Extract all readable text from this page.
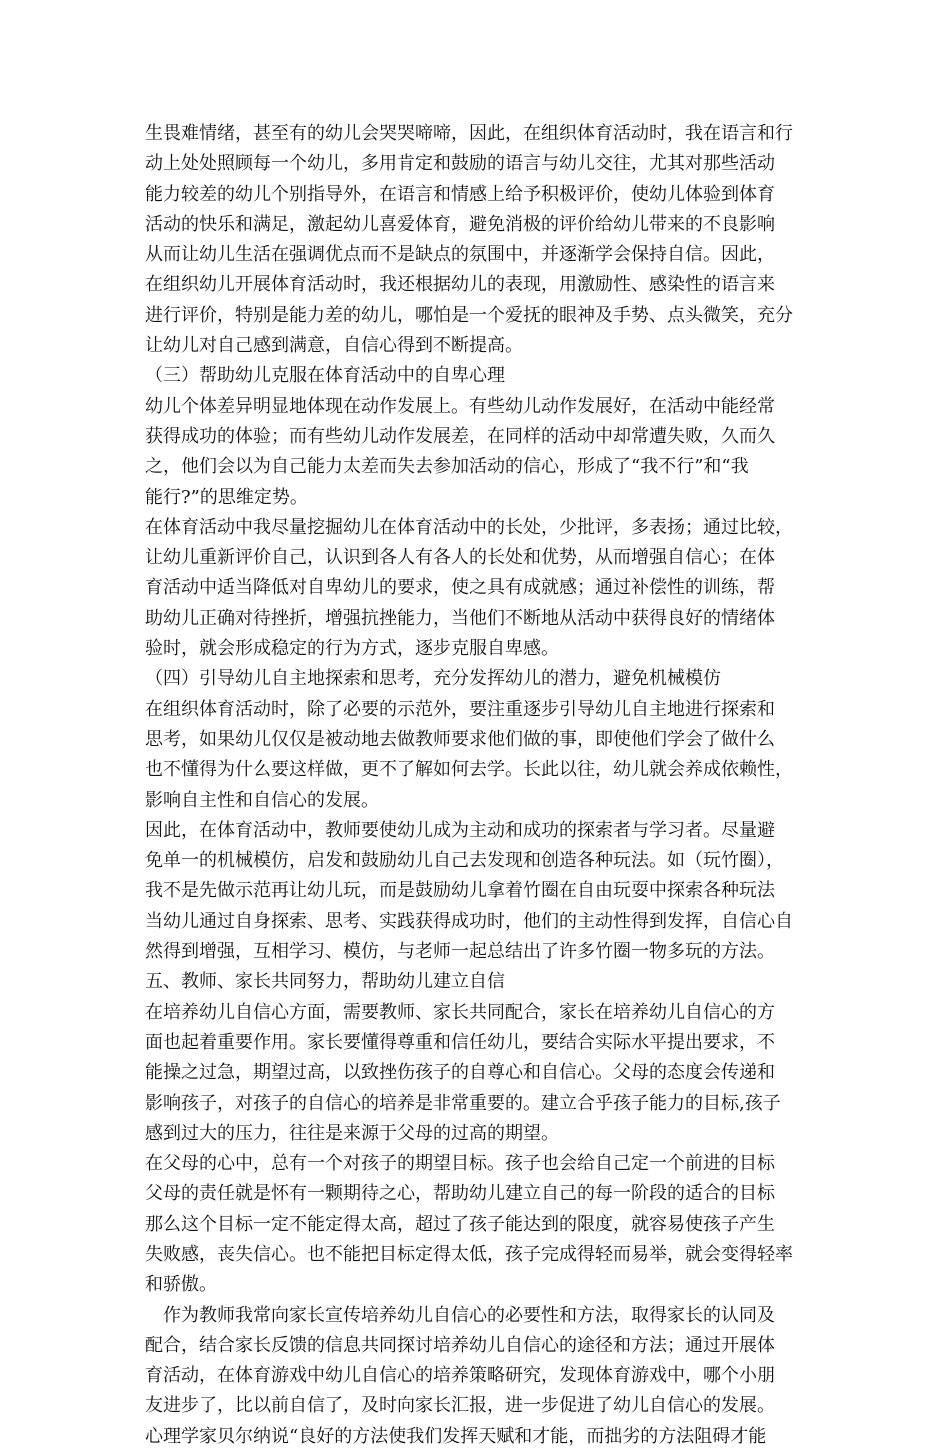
生畏难情绪，甚至有的幼儿会哭哭啼啼，因此，在组织体育活动时，我在语言和行
动上处处照顾每一个幼儿，多用肯定和鼓励的语言与幼儿交往，尤其对那些活动
能力较差的幼儿个别指导外，在语言和情感上给予积极评价，使幼儿体验到体育
活动的快乐和满足，激起幼儿喜爱体育，避免消极的评价给幼儿带来的不良影响
从而让幼儿生活在强调优点而不是缺点的氛围中，并逐渐学会保持自信。因此，
在组织幼儿开展体育活动时，我还根据幼儿的表现，用激励性、感染性的语言来
进行评价，特别是能力差的幼儿，哪怕是一个爱抚的眼神及手势、点头微笑，充分
让幼儿对自己感到满意，自信心得到不断提高。
（三）帮助幼儿克服在体育活动中的自卑心理
幼儿个体差异明显地体现在动作发展上。有些幼儿动作发展好，在活动中能经常
获得成功的体验；而有些幼儿动作发展差，在同样的活动中却常遭失败，久而久
之，他们会以为自己能力太差而失去参加活动的信心，形成了“我不行”和“我
能行?”的思维定势。
在体育活动中我尽量挖掘幼儿在体育活动中的长处，少批评，多表扬；通过比较，
让幼儿重新评价自己，认识到各人有各人的长处和优势，从而增强自信心；在体
育活动中适当降低对自卑幼儿的要求，使之具有成就感；通过补偿性的训练，帮
助幼儿正确对待挫折，增强抗挫能力，当他们不断地从活动中获得良好的情绪体
验时，就会形成稳定的行为方式，逐步克服自卑感。
（四）引导幼儿自主地探索和思考，充分发挥幼儿的潜力，避免机械模仿
在组织体育活动时，除了必要的示范外，要注重逐步引导幼儿自主地进行探索和
思考，如果幼儿仅仅是被动地去做教师要求他们做的事，即使他们学会了做什么
也不懂得为什么要这样做，更不了解如何去学。长此以往，幼儿就会养成依赖性，
影响自主性和自信心的发展。
因此，在体育活动中，教师要使幼儿成为主动和成功的探索者与学习者。尽量避
免单一的机械模仿，启发和鼓励幼儿自己去发现和创造各种玩法。如（玩竹圈），
我不是先做示范再让幼儿玩，而是鼓励幼儿拿着竹圈在自由玩耍中探索各种玩法
当幼儿通过自身探索、思考、实践获得成功时，他们的主动性得到发挥，自信心自
然得到增强，互相学习、模仿，与老师一起总结出了许多竹圈一物多玩的方法。
五、教师、家长共同努力，帮助幼儿建立自信
在培养幼儿自信心方面，需要教师、家长共同配合，家长在培养幼儿自信心的方
面也起着重要作用。家长要懂得尊重和信任幼儿，要结合实际水平提出要求，不
能操之过急，期望过高，以致挫伤孩子的自尊心和自信心。父母的态度会传递和
影响孩子，对孩子的自信心的培养是非常重要的。建立合乎孩子能力的目标,孩子
感到过大的压力，往往是来源于父母的过高的期望。
在父母的心中，总有一个对孩子的期望目标。孩子也会给自己定一个前进的目标
父母的责任就是怀有一颗期待之心，帮助幼儿建立自己的每一阶段的适合的目标
那么这个目标一定不能定得太高，超过了孩子能达到的限度，就容易使孩子产生
失败感，丧失信心。也不能把目标定得太低，孩子完成得轻而易举，就会变得轻率
和骄傲。
作为教师我常向家长宣传培养幼儿自信心的必要性和方法，取得家长的认同及
配合，结合家长反馈的信息共同探讨培养幼儿自信心的途径和方法；通过开展体
育活动，在体育游戏中幼儿自信心的培养策略研究，发现体育游戏中，哪个小朋
友进步了，比以前自信了，及时向家长汇报，进一步促进了幼儿自信心的发展。
心理学家贝尔纳说“良好的方法使我们发挥天赋和才能，而拙劣的方法阻碍才能
